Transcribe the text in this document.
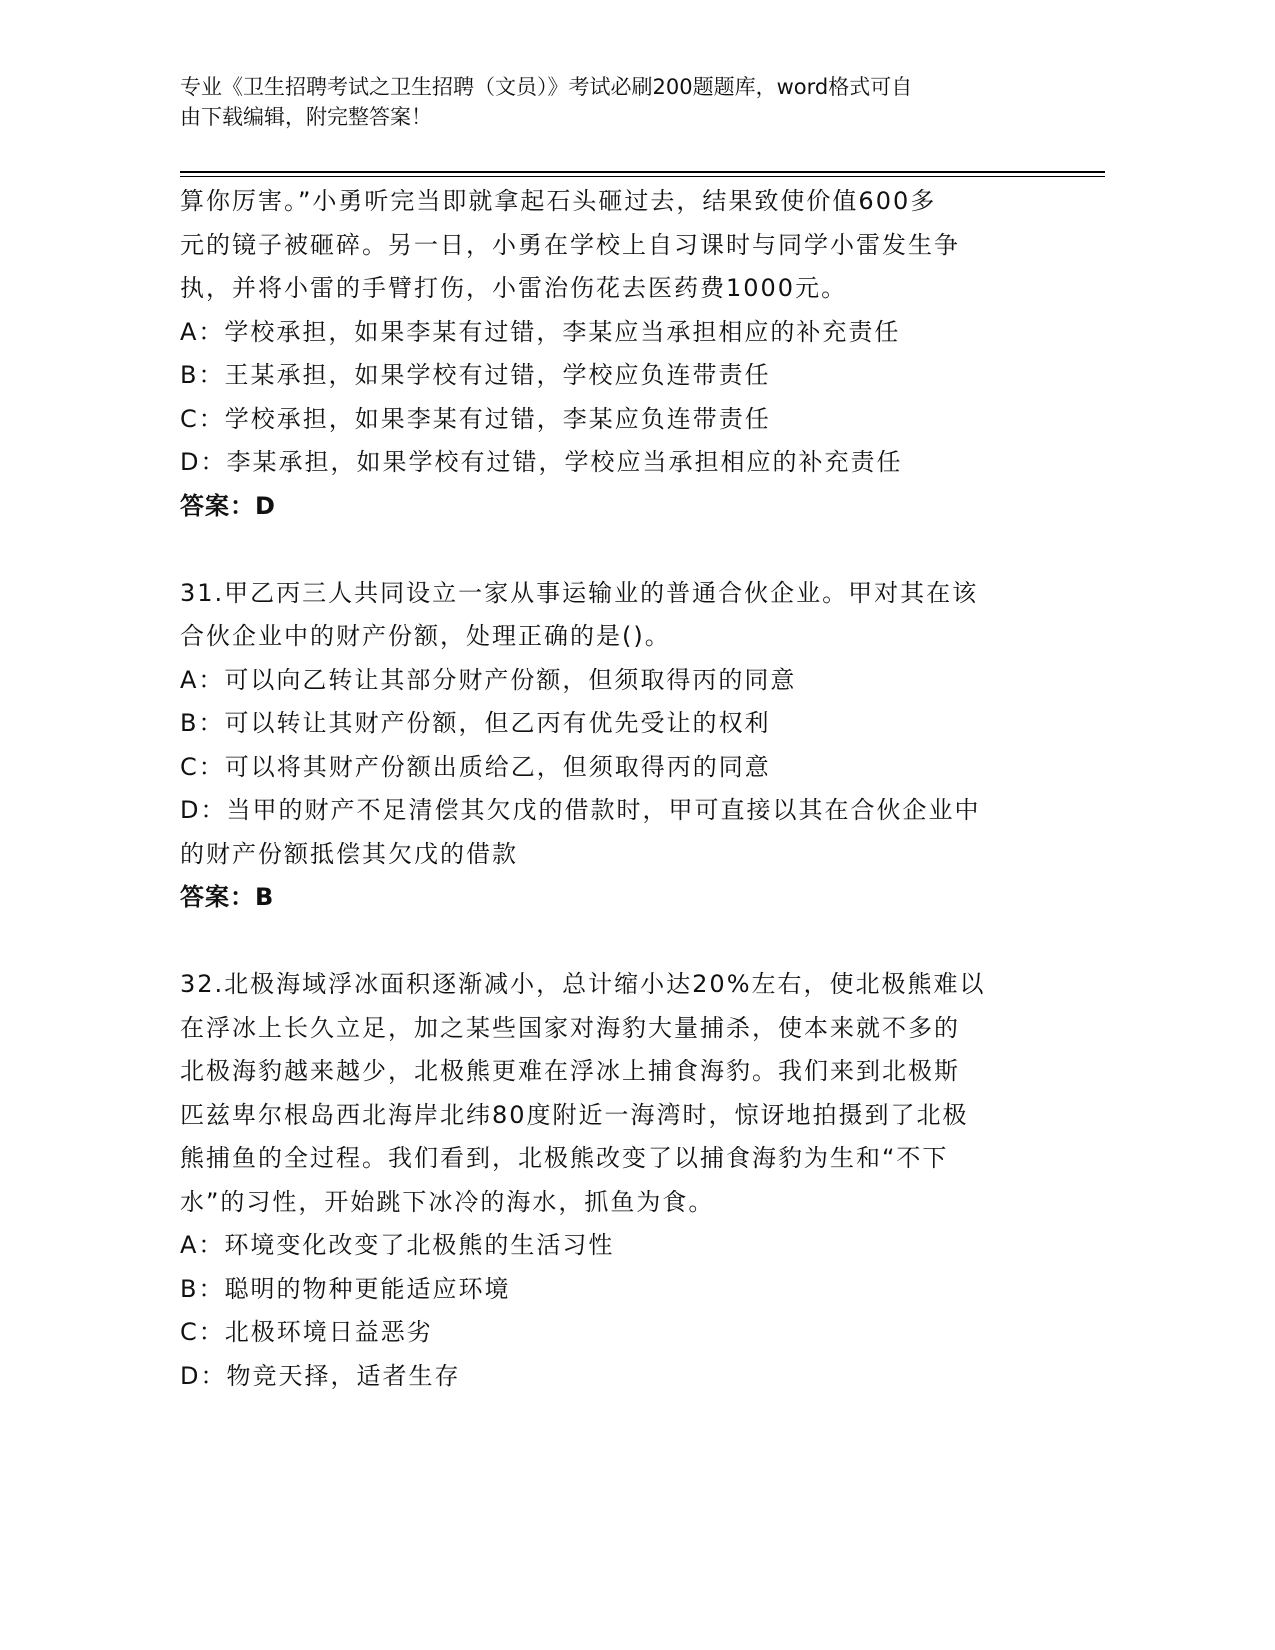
专业《卫生招聘考试之卫生招聘（文员）》考试必刷200题题库，word格式可自
由下载编辑，附完整答案！
算你厉害。”小勇听完当即就拿起石头砸过去，结果致使价值600多
元的镜子被砸碎。另一日，小勇在学校上自习课时与同学小雷发生争
执，并将小雷的手臂打伤，小雷治伤花去医药费1000元。
A：学校承担，如果李某有过错，李某应当承担相应的补充责任
B：王某承担，如果学校有过错，学校应负连带责任
C：学校承担，如果李某有过错，李某应负连带责任
D：李某承担，如果学校有过错，学校应当承担相应的补充责任
答案：D
31.甲乙丙三人共同设立一家从事运输业的普通合伙企业。甲对其在该
合伙企业中的财产份额，处理正确的是()。
A：可以向乙转让其部分财产份额，但须取得丙的同意
B：可以转让其财产份额，但乙丙有优先受让的权利
C：可以将其财产份额出质给乙，但须取得丙的同意
D：当甲的财产不足清偿其欠戊的借款时，甲可直接以其在合伙企业中
的财产份额抵偿其欠戊的借款
答案：B
32.北极海域浮冰面积逐渐减小，总计缩小达20%左右，使北极熊难以
在浮冰上长久立足，加之某些国家对海豹大量捕杀，使本来就不多的
北极海豹越来越少，北极熊更难在浮冰上捕食海豹。我们来到北极斯
匹兹卑尔根岛西北海岸北纬80度附近一海湾时，惊讶地拍摄到了北极
熊捕鱼的全过程。我们看到，北极熊改变了以捕食海豹为生和“不下
水”的习性，开始跳下冰冷的海水，抓鱼为食。
A：环境变化改变了北极熊的生活习性
B：聪明的物种更能适应环境
C：北极环境日益恶劣
D：物竞天择，适者生存
